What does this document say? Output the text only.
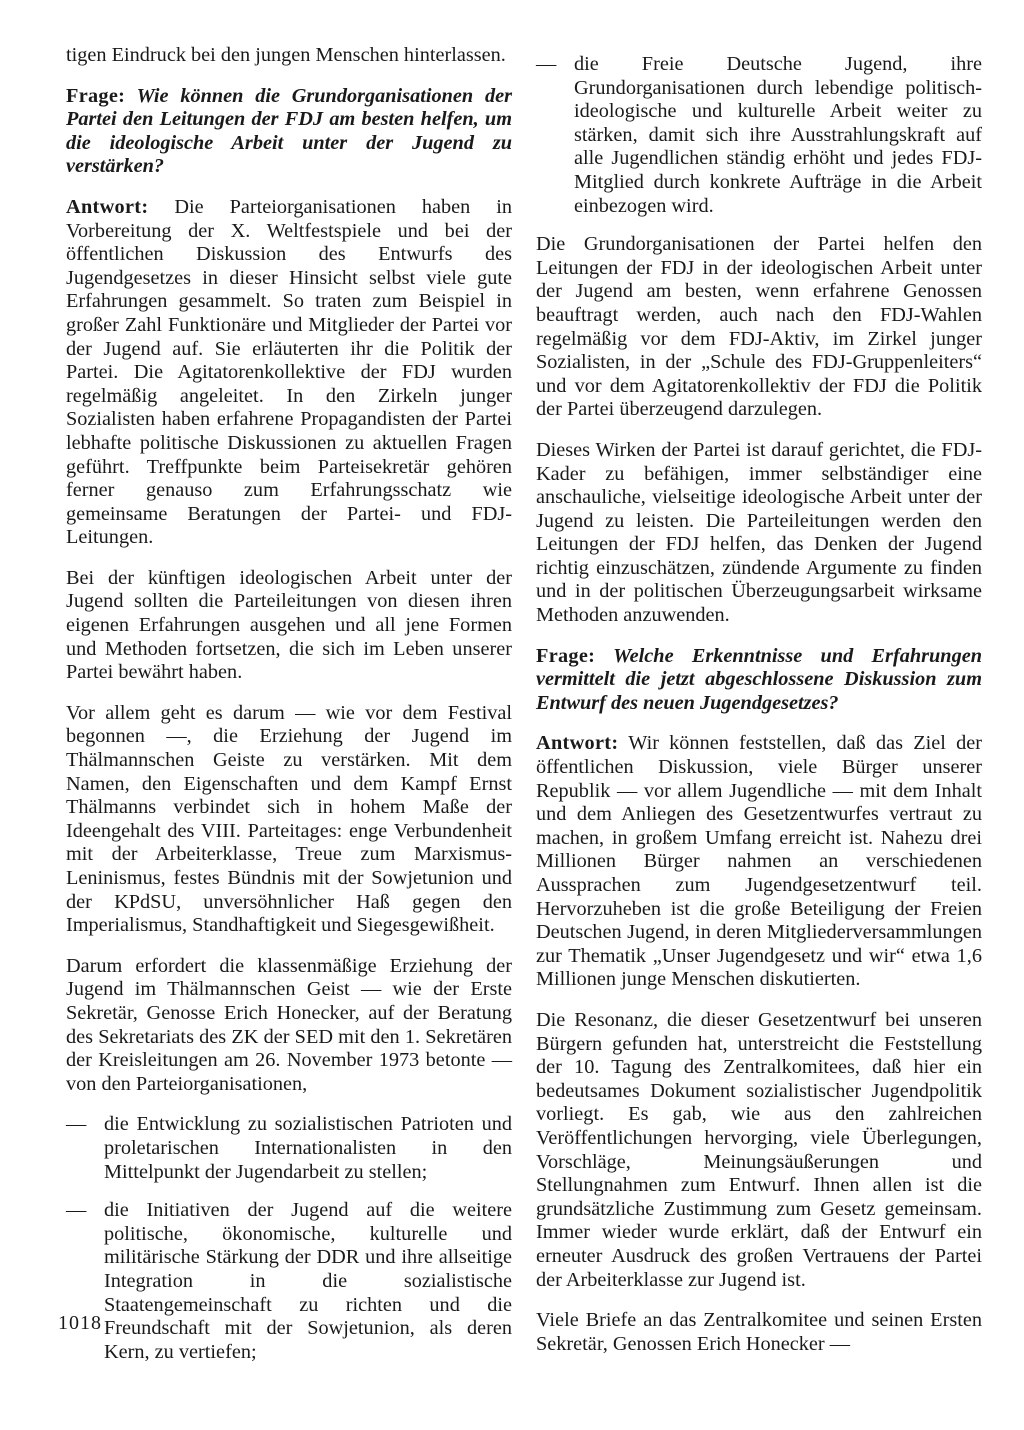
tigen Eindruck bei den jungen Menschen hinterlassen.

Frage: Wie können die Grundorganisationen der Partei den Leitungen der FDJ am besten helfen, um die ideologische Arbeit unter der Jugend zu verstärken?

Antwort: Die Parteiorganisationen haben in Vorbereitung der X. Weltfestspiele und bei der öffentlichen Diskussion des Entwurfs des Jugendgesetzes in dieser Hinsicht selbst viele gute Erfahrungen gesammelt. So traten zum Beispiel in großer Zahl Funktionäre und Mitglieder der Partei vor der Jugend auf. Sie erläuterten ihr die Politik der Partei. Die Agitatorenkollektive der FDJ wurden regelmäßig angeleitet. In den Zirkeln junger Sozialisten haben erfahrene Propagandisten der Partei lebhafte politische Diskussionen zu aktuellen Fragen geführt. Treffpunkte beim Parteisekretär gehören ferner genauso zum Erfahrungsschatz wie gemeinsame Beratungen der Partei- und FDJ-Leitungen.

Bei der künftigen ideologischen Arbeit unter der Jugend sollten die Parteileitungen von diesen ihren eigenen Erfahrungen ausgehen und all jene Formen und Methoden fortsetzen, die sich im Leben unserer Partei bewährt haben.

Vor allem geht es darum — wie vor dem Festival begonnen —, die Erziehung der Jugend im Thälmannschen Geiste zu verstärken. Mit dem Namen, den Eigenschaften und dem Kampf Ernst Thälmanns verbindet sich in hohem Maße der Ideengehalt des VIII. Parteitages: enge Verbundenheit mit der Arbeiterklasse, Treue zum Marxismus-Leninismus, festes Bündnis mit der Sowjetunion und der KPdSU, unversöhnlicher Haß gegen den Imperialismus, Standhaftigkeit und Siegesgewißheit.

Darum erfordert die klassenmäßige Erziehung der Jugend im Thälmannschen Geist — wie der Erste Sekretär, Genosse Erich Honecker, auf der Beratung des Sekretariats des ZK der SED mit den 1. Sekretären der Kreisleitungen am 26. November 1973 betonte — von den Parteiorganisationen,

— die Entwicklung zu sozialistischen Patrioten und proletarischen Internationalisten in den Mittelpunkt der Jugendarbeit zu stellen;
— die Initiativen der Jugend auf die weitere politische, ökonomische, kulturelle und militärische Stärkung der DDR und ihre allseitige Integration in die sozialistische Staatengemeinschaft zu richten und die Freundschaft mit der Sowjetunion, als deren Kern, zu vertiefen;
— die Freie Deutsche Jugend, ihre Grundorganisationen durch lebendige politisch-ideologische und kulturelle Arbeit weiter zu stärken, damit sich ihre Ausstrahlungskraft auf alle Jugendlichen ständig erhöht und jedes FDJ-Mitglied durch konkrete Aufträge in die Arbeit einbezogen wird.

Die Grundorganisationen der Partei helfen den Leitungen der FDJ in der ideologischen Arbeit unter der Jugend am besten, wenn erfahrene Genossen beauftragt werden, auch nach den FDJ-Wahlen regelmäßig vor dem FDJ-Aktiv, im Zirkel junger Sozialisten, in der „Schule des FDJ-Gruppenleiters“ und vor dem Agitatorenkollektiv der FDJ die Politik der Partei überzeugend darzulegen.

Dieses Wirken der Partei ist darauf gerichtet, die FDJ-Kader zu befähigen, immer selbständiger eine anschauliche, vielseitige ideologische Arbeit unter der Jugend zu leisten. Die Parteileitungen werden den Leitungen der FDJ helfen, das Denken der Jugend richtig einzuschätzen, zündende Argumente zu finden und in der politischen Überzeugungsarbeit wirksame Methoden anzuwenden.

Frage: Welche Erkenntnisse und Erfahrungen vermittelt die jetzt abgeschlossene Diskussion zum Entwurf des neuen Jugendgesetzes?

Antwort: Wir können feststellen, daß das Ziel der öffentlichen Diskussion, viele Bürger unserer Republik — vor allem Jugendliche — mit dem Inhalt und dem Anliegen des Gesetzentwurfes vertraut zu machen, in großem Umfang erreicht ist. Nahezu drei Millionen Bürger nahmen an verschiedenen Aussprachen zum Jugendgesetzentwurf teil. Hervorzuheben ist die große Beteiligung der Freien Deutschen Jugend, in deren Mitgliederversammlungen zur Thematik „Unser Jugendgesetz und wir“ etwa 1,6 Millionen junge Menschen diskutierten.

Die Resonanz, die dieser Gesetzentwurf bei unseren Bürgern gefunden hat, unterstreicht die Feststellung der 10. Tagung des Zentralkomitees, daß hier ein bedeutsames Dokument sozialistischer Jugendpolitik vorliegt. Es gab, wie aus den zahlreichen Veröffentlichungen hervorging, viele Überlegungen, Vorschläge, Meinungsäußerungen und Stellungnahmen zum Entwurf. Ihnen allen ist die grundsätzliche Zustimmung zum Gesetz gemeinsam. Immer wieder wurde erklärt, daß der Entwurf ein erneuter Ausdruck des großen Vertrauens der Partei der Arbeiterklasse zur Jugend ist.

Viele Briefe an das Zentralkomitee und seinen Ersten Sekretär, Genossen Erich Honecker —

1018
